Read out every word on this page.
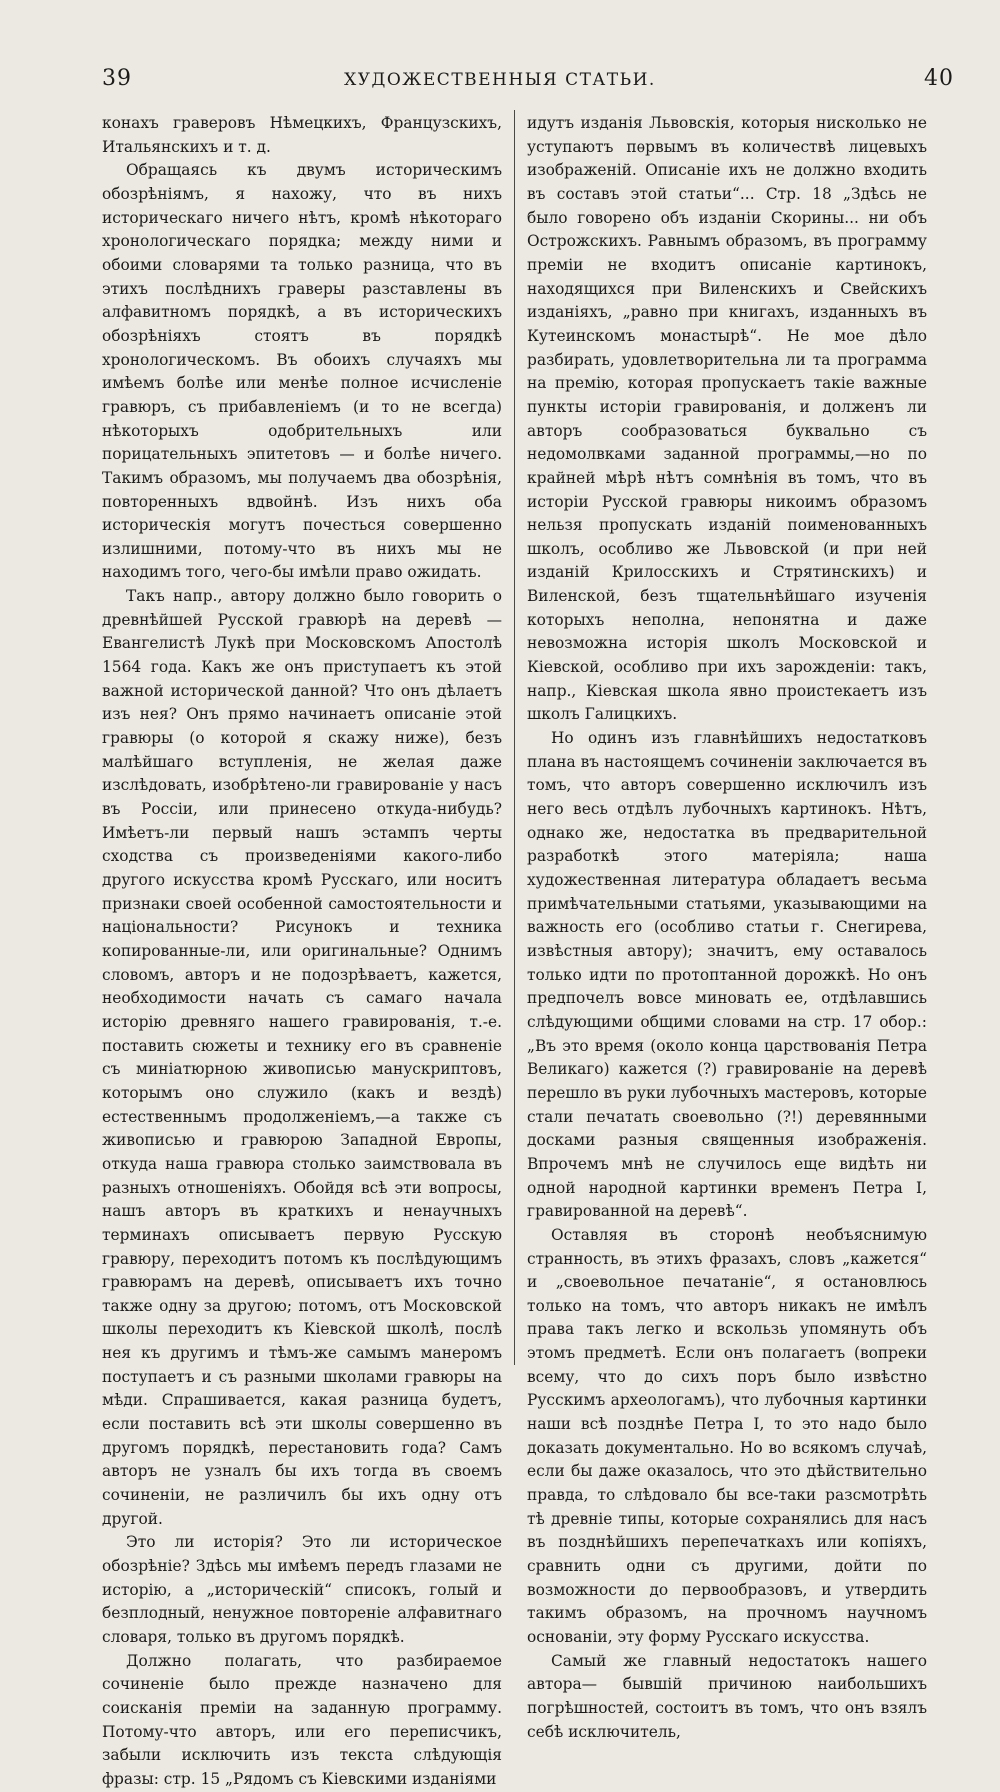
39	ХУДОЖЕСТВЕННЫЯ СТАТЬИ.	40

конахъ граверовъ Нѣмецкихъ, Французскихъ, Итальянскихъ и т. д.

Обращаясь къ двумъ историческимъ обозрѣніямъ, я нахожу, что въ нихъ историческаго ничего нѣтъ, кромѣ нѣкотораго хронологическаго порядка; между ними и обоими словарями та только разница, что въ этихъ послѣднихъ граверы разставлены въ алфавитномъ порядкѣ, а въ историческихъ обозрѣніяхъ стоятъ въ порядкѣ хронологическомъ. Въ обоихъ случаяхъ мы имѣемъ болѣе или менѣе полное исчисленіе гравюръ, съ прибавленіемъ (и то не всегда) нѣкоторыхъ одобрительныхъ или порицательныхъ эпитетовъ — и болѣе ничего. Такимъ образомъ, мы получаемъ два обозрѣнія, повторенныхъ вдвойнѣ. Изъ нихъ оба историческія могутъ почесться совершенно излишними, потому-что въ нихъ мы не находимъ того, чего-бы имѣли право ожидать.

Такъ напр., автору должно было говорить о древнѣйшей Русской гравюрѣ на деревѣ — Евангелистѣ Лукѣ при Московскомъ Апостолѣ 1564 года. Какъ же онъ приступаетъ къ этой важной исторической данной? Что онъ дѣлаетъ изъ нея? Онъ прямо начинаетъ описаніе этой гравюры (о которой я скажу ниже), безъ малѣйшаго вступленія, не желая даже изслѣдовать, изобрѣтено-ли гравированіе у насъ въ Россіи, или принесено откуда-нибудь? Имѣетъ-ли первый нашъ эстампъ черты сходства съ произведеніями какого-либо другого искусства кромѣ Русскаго, или носитъ признаки своей особенной самостоятельности и національности? Рисунокъ и техника копированные-ли, или оригинальные? Однимъ словомъ, авторъ и не подозрѣваетъ, кажется, необходимости начать съ самаго начала исторію древняго нашего гравированія, т.-е. поставить сюжеты и технику его въ сравненіе съ миніатюрною живописью манускриптовъ, которымъ оно служило (какъ и вездѣ) естественнымъ продолженіемъ,—а также съ живописью и гравюрою Западной Европы, откуда наша гравюра столько заимствовала въ разныхъ отношеніяхъ. Обойдя всѣ эти вопросы, нашъ авторъ въ краткихъ и ненаучныхъ терминахъ описываетъ первую Русскую гравюру, переходитъ потомъ къ послѣдующимъ гравюрамъ на деревѣ, описываетъ ихъ точно также одну за другою; потомъ, отъ Московской школы переходитъ къ Кіевской школѣ, послѣ нея къ другимъ и тѣмъ-же самымъ манеромъ поступаетъ и съ разными школами гравюры на мѣди. Спрашивается, какая разница будетъ, если поставить всѣ эти школы совершенно въ другомъ порядкѣ, перестановить года? Самъ авторъ не узналъ бы ихъ тогда въ своемъ сочиненіи, не различилъ бы ихъ одну отъ другой.

Это ли исторія? Это ли историческое обозрѣніе? Здѣсь мы имѣемъ передъ глазами не исторію, а „историческій“ списокъ, голый и безплодный, ненужное повтореніе алфавитнаго словаря, только въ другомъ порядкѣ.

Должно полагать, что разбираемое сочиненіе было прежде назначено для соисканія преміи на заданную программу. Потому-что авторъ, или его переписчикъ, забыли исключить изъ текста слѣдующія фразы: стр. 15 „Рядомъ съ Кіевскими изданіями

идутъ изданія Львовскія, которыя нисколько не уступаютъ пѳрвымъ въ количествѣ лицевыхъ изображеній. Описаніе ихъ не должно входить въ составъ этой статьи“... Стр. 18 „Здѣсь не было говорено объ изданіи Скорины... ни объ Острожскихъ. Равнымъ образомъ, въ программу преміи не входитъ описаніе картинокъ, находящихся при Виленскихъ и Свейскихъ изданіяхъ, „равно при книгахъ, изданныхъ въ Кутеинскомъ монастырѣ“. Не мое дѣло разбирать, удовлетворительна ли та программа на премію, которая пропускаетъ такіе важные пункты исторіи гравированія, и долженъ ли авторъ сообразоваться буквально съ недомолвками заданной программы,—но по крайней мѣрѣ нѣтъ сомнѣнія въ томъ, что въ исторіи Русской гравюры никоимъ образомъ нельзя пропускать изданій поименованныхъ школъ, особливо же Львовской (и при ней изданій Крилосскихъ и Стрятинскихъ) и Виленской, безъ тщательнѣйшаго изученія которыхъ неполна, непонятна и даже невозможна исторія школъ Московской и Кіевской, особливо при ихъ зарожденіи: такъ, напр., Кіевская школа явно проистекаетъ изъ школъ Галицкихъ.

Но одинъ изъ главнѣйшихъ недостатковъ плана въ настоящемъ сочиненіи заключается въ томъ, что авторъ совершенно исключилъ изъ него весь отдѣлъ лубочныхъ картинокъ. Нѣтъ, однако же, недостатка въ предварительной разработкѣ этого матеріяла; наша художественная литература обладаетъ весьма примѣчательными статьями, указывающими на важность его (особливо статьи г. Снегирева, извѣстныя автору); значитъ, ему оставалось только идти по протоптанной дорожкѣ. Но онъ предпочелъ вовсе миновать ее, отдѣлавшись слѣдующими общими словами на стр. 17 обор.: „Въ это время (около конца царствованія Петра Великаго) кажется (?) гравированіе на деревѣ перешло въ руки лубочныхъ мастеровъ, которые стали печатать своевольно (?!) деревянными досками разныя священныя изображенія. Впрочемъ мнѣ не случилось еще видѣть ни одной народной картинки временъ Петра I, гравированной на деревѣ“.

Оставляя въ сторонѣ необъяснимую странность, въ этихъ фразахъ, словъ „кажется“ и „своевольное печатаніе“, я остановлюсь только на томъ, что авторъ никакъ не имѣлъ права такъ легко и вскользь упомянуть объ этомъ предметѣ. Если онъ полагаетъ (вопреки всему, что до сихъ поръ было извѣстно Русскимъ археологамъ), что лубочныя картинки наши всѣ позднѣе Петра I, то это надо было доказать документально. Но во всякомъ случаѣ, если бы даже оказалось, что это дѣйствительно правда, то слѣдовало бы все-таки разсмотрѣть тѣ древніе типы, которые сохранялись для насъ въ позднѣйшихъ перепечаткахъ или копіяхъ, сравнить одни съ другими, дойти по возможности до первообразовъ, и утвердить такимъ образомъ, на прочномъ научномъ основаніи, эту форму Русскаго искусства.

Самый же главный недостатокъ нашего автора— бывшій причиною наибольшихъ погрѣшностей, состоитъ въ томъ, что онъ взялъ себѣ исключитель,
